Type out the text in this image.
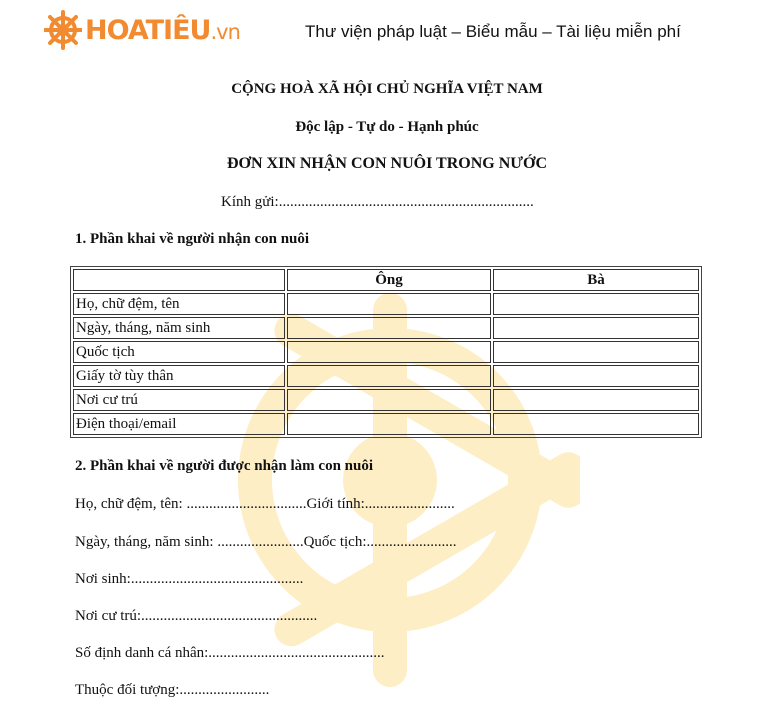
HOATIÊU.vn	Thư viện pháp luật – Biểu mẫu – Tài liệu miễn phí
CỘNG HOÀ XÃ HỘI CHỦ NGHĨA VIỆT NAM
Độc lập - Tự do - Hạnh phúc
ĐƠN XIN NHẬN CON NUÔI TRONG NƯỚC
Kính gửi:....................................................................
1. Phần khai về người nhận con nuôi
	Ông	Bà
Họ, chữ đệm, tên		
Ngày, tháng, năm sinh		
Quốc tịch		
Giấy tờ tùy thân		
Nơi cư trú		
Điện thoại/email		
2. Phần khai về người được nhận làm con nuôi
Họ, chữ đệm, tên: ................................Giới tính:........................
Ngày, tháng, năm sinh: .......................Quốc tịch:........................
Nơi sinh:..............................................
Nơi cư trú:...............................................
Số định danh cá nhân:...............................................
Thuộc đối tượng:........................
